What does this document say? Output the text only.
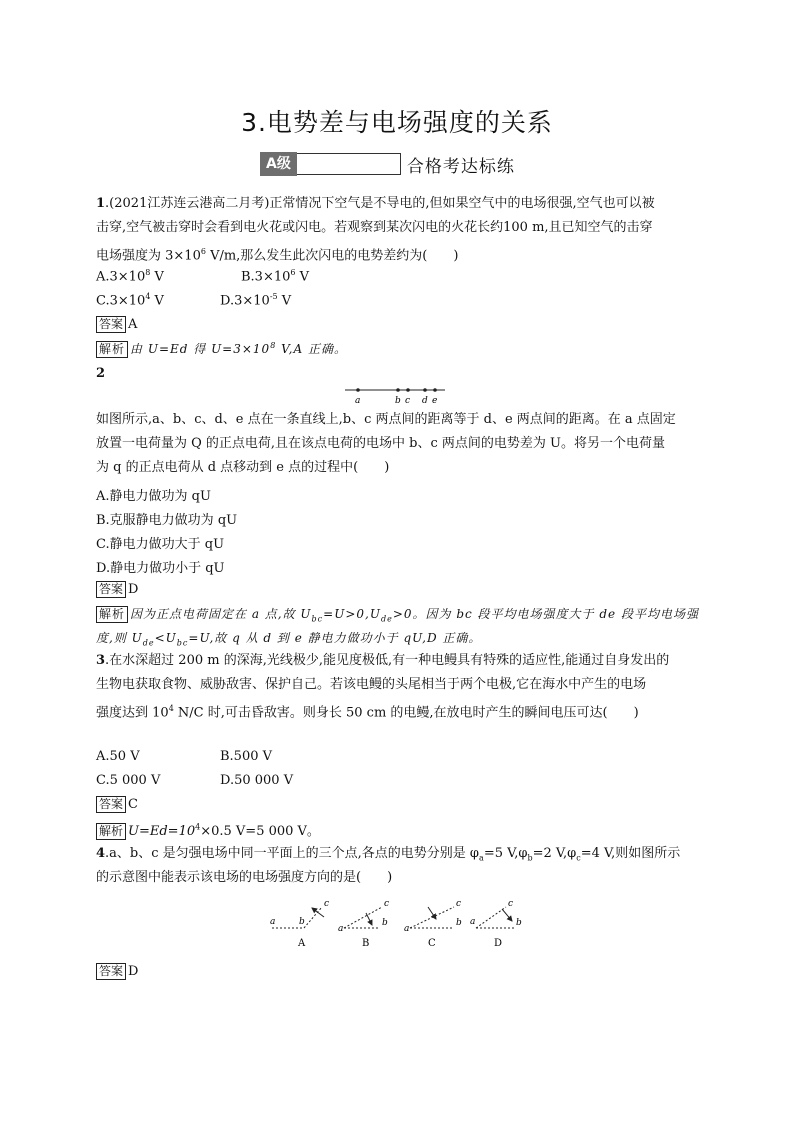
3.电势差与电场强度的关系
A级	合格考达标练
1.(2021江苏连云港高二月考)正常情况下空气是不导电的,但如果空气中的电场很强,空气也可以被
击穿,空气被击穿时会看到电火花或闪电。若观察到某次闪电的火花长约100 m,且已知空气的击穿
电场强度为 $3\times 10^6$ V/m,那么发生此次闪电的电势差约为(　　)
$A.3\times 10^8$ V	$B.3\times 10^6$ V
$C.3\times 10^4$ V	$D.3\times 10^{-5}$ V
答案 A
解析 由 U=Ed 得 $U=3\times 10^8$ V,A 正确。
2
a	b c d e
如图所示,a、b、c、d、e 点在一条直线上,b、c 两点间的距离等于 d、e 两点间的距离。在 a 点固定
放置一电荷量为 Q 的正点电荷,且在该点电荷的电场中 b、c 两点间的电势差为 U。将另一个电荷量
为 q 的正点电荷从 d 点移动到 e 点的过程中(　　)
A.静电力做功为 qU
B.克服静电力做功为 qU
C.静电力做功大于 qU
D.静电力做功小于 qU
答案 D
解析 因为正点电荷固定在 a 点,故 $U_{bc}=U>0,U_{de}>0$。因为 bc 段平均电场强度大于 de 段平均电场强
度,则 $U_{de}<U_{bc}=U$,故 q 从 d 到 e 静电力做功小于 qU,D 正确。
3.在水深超过 200 m 的深海,光线极少,能见度极低,有一种电鳗具有特殊的适应性,能通过自身发出的
生物电获取食物、威胁敌害、保护自己。若该电鳗的头尾相当于两个电极,它在海水中产生的电场
强度达到 $10^4$ N/C 时,可击昏敌害。则身长 50 cm 的电鳗,在放电时产生的瞬间电压可达(　　)
A.50 V	B.500 V
C.5 000 V	D.50 000 V
答案 C
解析 $U=Ed=10^4\times 0.5$ V=5 000 V。
4.a、b、c 是匀强电场中同一平面上的三个点,各点的电势分别是 $\varphi_a=5$ $V,\varphi_b=2$ $V,\varphi_c=4$ V,则如图所示
的示意图中能表示该电场的电场强度方向的是(　　)
a	b
c
A
a
b
c
B
a
b
c
C
a	b
c
D
答案 D
